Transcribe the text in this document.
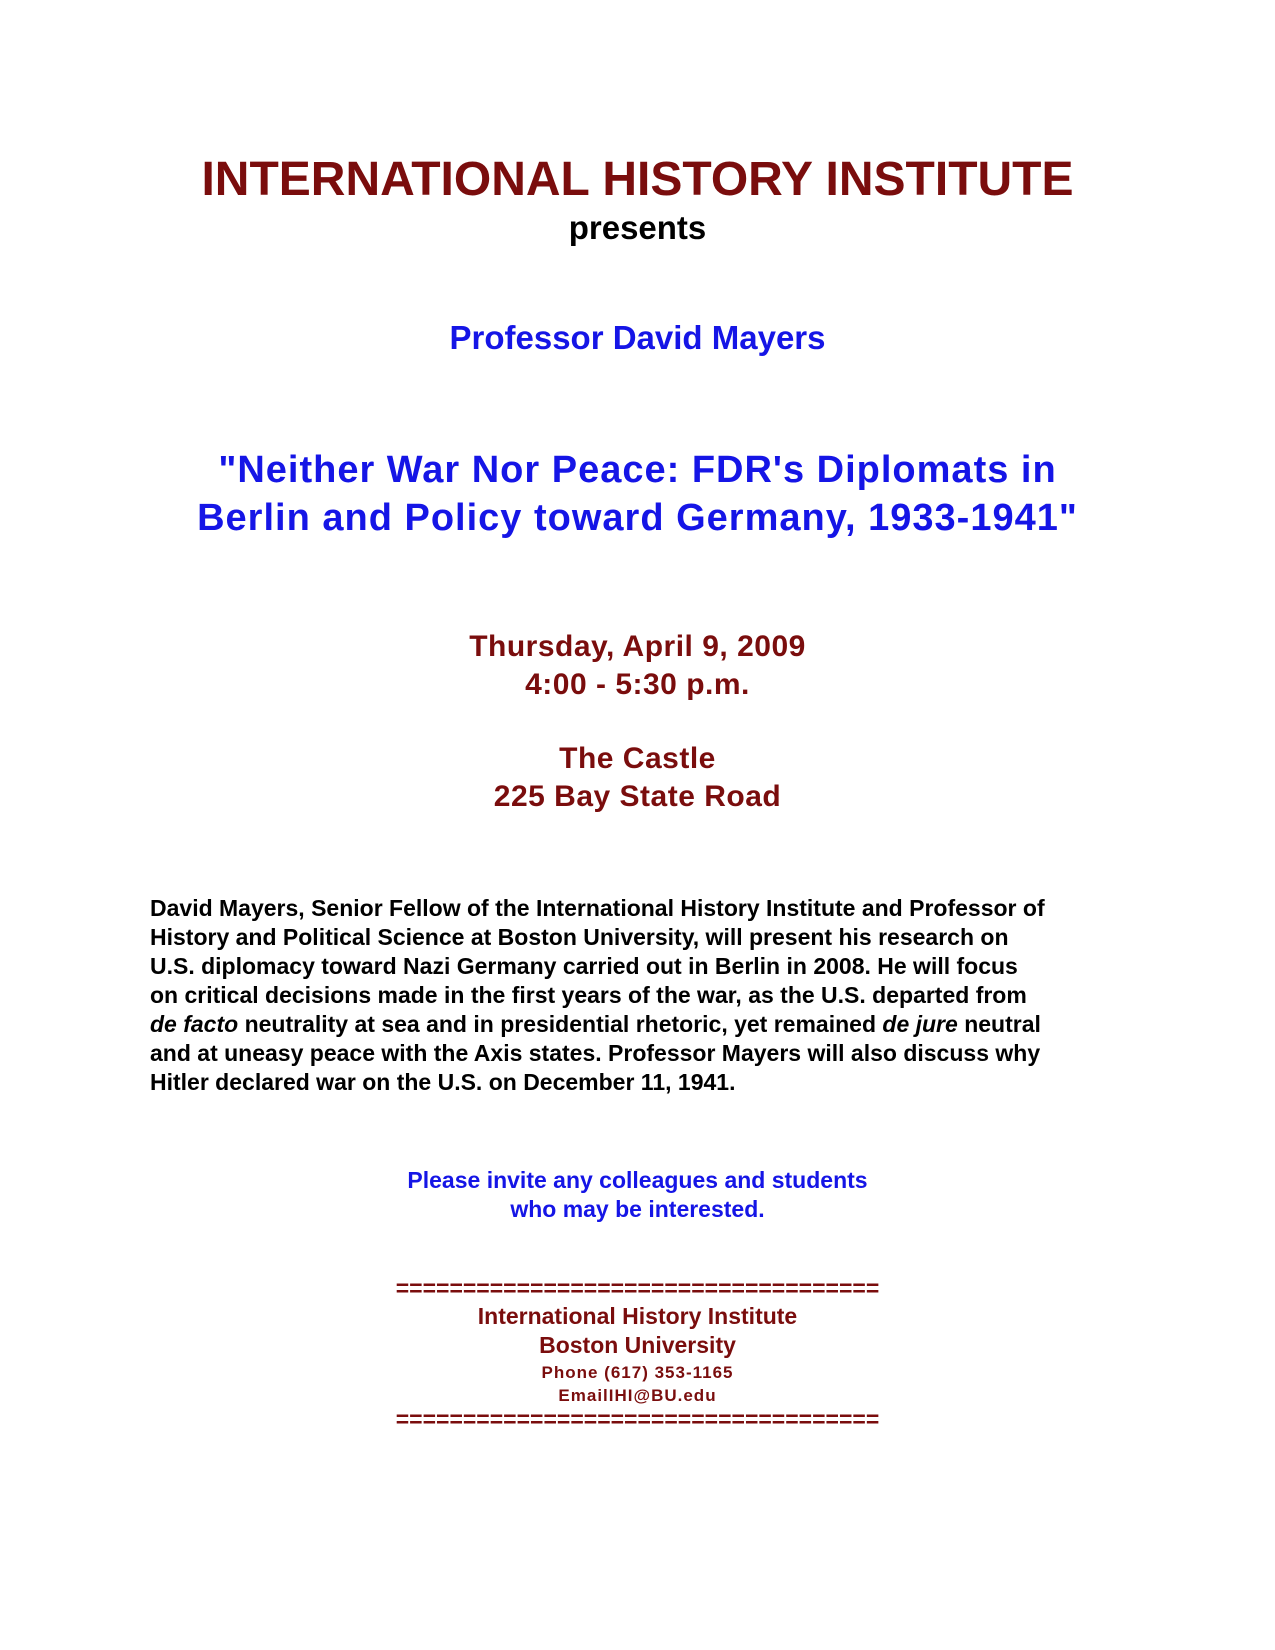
INTERNATIONAL HISTORY INSTITUTE
presents
Professor David Mayers
"Neither War Nor Peace: FDR's Diplomats in
Berlin and Policy toward Germany, 1933-1941"
Thursday, April 9, 2009
4:00 - 5:30 p.m.
The Castle
225 Bay State Road
David Mayers, Senior Fellow of the International History Institute and Professor of
History and Political Science at Boston University, will present his research on
U.S. diplomacy toward Nazi Germany carried out in Berlin in 2008. He will focus
on critical decisions made in the first years of the war, as the U.S. departed from
de facto neutrality at sea and in presidential rhetoric, yet remained de jure neutral
and at uneasy peace with the Axis states. Professor Mayers will also discuss why
Hitler declared war on the U.S. on December 11, 1941.
Please invite any colleagues and students
who may be interested.
====================================
International History Institute
Boston University
Phone (617) 353-1165
EmailIHI@BU.edu
====================================
